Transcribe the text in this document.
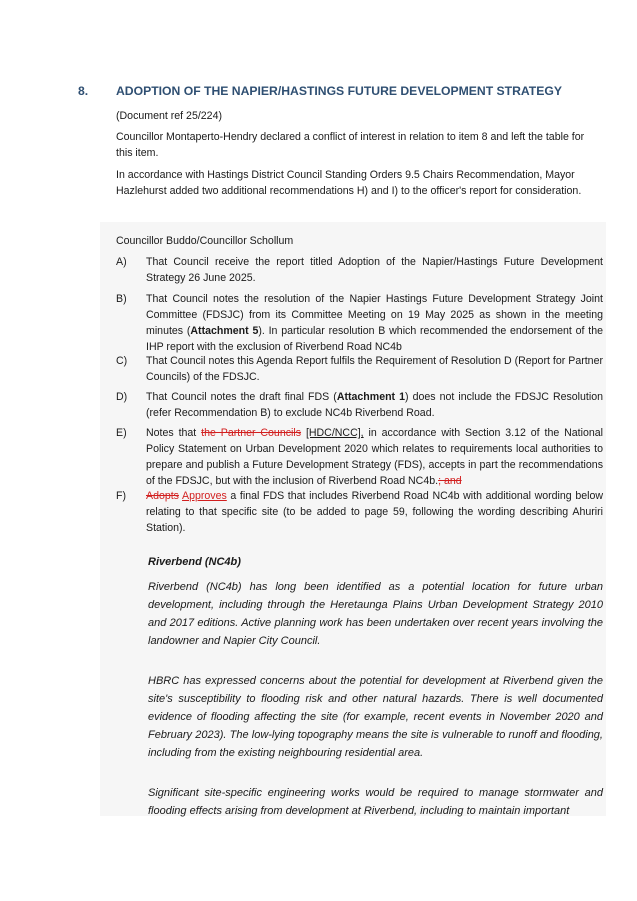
8.	ADOPTION OF THE NAPIER/HASTINGS FUTURE DEVELOPMENT STRATEGY
(Document ref 25/224)
Councillor Montaperto-Hendry declared a conflict of interest in relation to item 8 and left the table for this item.
In accordance with Hastings District Council Standing Orders 9.5 Chairs Recommendation, Mayor Hazlehurst added two additional recommendations H) and I) to the officer's report for consideration.
Councillor Buddo/Councillor Schollum
A)	That Council receive the report titled Adoption of the Napier/Hastings Future Development Strategy 26 June 2025.
B)	That Council notes the resolution of the Napier Hastings Future Development Strategy Joint Committee (FDSJC) from its Committee Meeting on 19 May 2025 as shown in the meeting minutes (Attachment 5). In particular resolution B which recommended the endorsement of the IHP report with the exclusion of Riverbend Road NC4b
C)	That Council notes this Agenda Report fulfils the Requirement of Resolution D (Report for Partner Councils) of the FDSJC.
D)	That Council notes the draft final FDS (Attachment 1) does not include the FDSJC Resolution (refer Recommendation B) to exclude NC4b Riverbend Road.
E)	Notes that the Partner Councils [HDC/NCC], in accordance with Section 3.12 of the National Policy Statement on Urban Development 2020 which relates to requirements local authorities to prepare and publish a Future Development Strategy (FDS), accepts in part the recommendations of the FDSJC, but with the inclusion of Riverbend Road NC4b.; and
F)	Adopts Approves a final FDS that includes Riverbend Road NC4b with additional wording below relating to that specific site (to be added to page 59, following the wording describing Ahuriri Station).
Riverbend (NC4b)
Riverbend (NC4b) has long been identified as a potential location for future urban development, including through the Heretaunga Plains Urban Development Strategy 2010 and 2017 editions. Active planning work has been undertaken over recent years involving the landowner and Napier City Council.
HBRC has expressed concerns about the potential for development at Riverbend given the site's susceptibility to flooding risk and other natural hazards. There is well documented evidence of flooding affecting the site (for example, recent events in November 2020 and February 2023). The low-lying topography means the site is vulnerable to runoff and flooding, including from the existing neighbouring residential area.
Significant site-specific engineering works would be required to manage stormwater and flooding effects arising from development at Riverbend, including to maintain important
